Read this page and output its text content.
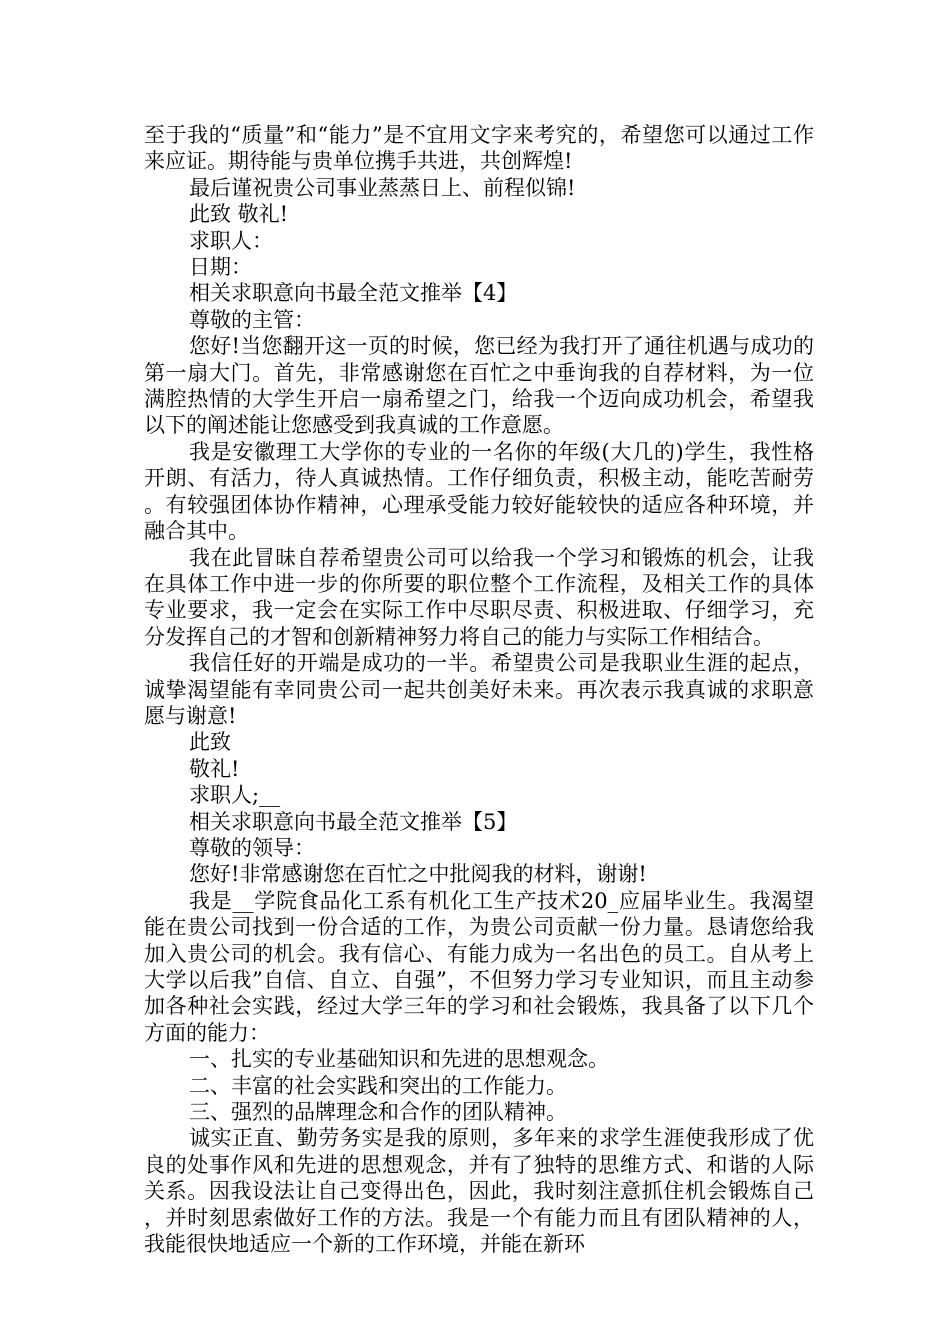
至于我的“质量”和“能力”是不宜用文字来考究的，希望您可以通过工作来应证。期待能与贵单位携手共进，共创辉煌!

最后谨祝贵公司事业蒸蒸日上、前程似锦!

此致 敬礼!

求职人：

日期：

相关求职意向书最全范文推举【4】

尊敬的主管：

您好!当您翻开这一页的时候，您已经为我打开了通往机遇与成功的第一扇大门。首先，非常感谢您在百忙之中垂询我的自荐材料，为一位满腔热情的大学生开启一扇希望之门，给我一个迈向成功机会，希望我以下的阐述能让您感受到我真诚的工作意愿。

我是安徽理工大学你的专业的一名你的年级(大几的)学生，我性格开朗、有活力，待人真诚热情。工作仔细负责，积极主动，能吃苦耐劳。有较强团体协作精神，心理承受能力较好能较快的适应各种环境，并融合其中。

我在此冒昧自荐希望贵公司可以给我一个学习和锻炼的机会，让我在具体工作中进一步的你所要的职位整个工作流程，及相关工作的具体专业要求，我一定会在实际工作中尽职尽责、积极进取、仔细学习，充分发挥自己的才智和创新精神努力将自己的能力与实际工作相结合。

我信任好的开端是成功的一半。希望贵公司是我职业生涯的起点，诚挚渴望能有幸同贵公司一起共创美好未来。再次表示我真诚的求职意愿与谢意!

此致

敬礼!

求职人;__

相关求职意向书最全范文推举【5】

尊敬的领导：

您好!非常感谢您在百忙之中批阅我的材料，谢谢!

我是__学院食品化工系有机化工生产技术20_应届毕业生。我渴望能在贵公司找到一份合适的工作，为贵公司贡献一份力量。恳请您给我加入贵公司的机会。我有信心、有能力成为一名出色的员工。自从考上大学以后我”自信、自立、自强”，不但努力学习专业知识，而且主动参加各种社会实践，经过大学三年的学习和社会锻炼，我具备了以下几个方面的能力：

一、扎实的专业基础知识和先进的思想观念。

二、丰富的社会实践和突出的工作能力。

三、强烈的品牌理念和合作的团队精神。

诚实正直、勤劳务实是我的原则，多年来的求学生涯使我形成了优良的处事作风和先进的思想观念，并有了独特的思维方式、和谐的人际关系。因我设法让自己变得出色，因此，我时刻注意抓住机会锻炼自己，并时刻思索做好工作的方法。我是一个有能力而且有团队精神的人，我能很快地适应一个新的工作环境，并能在新环
